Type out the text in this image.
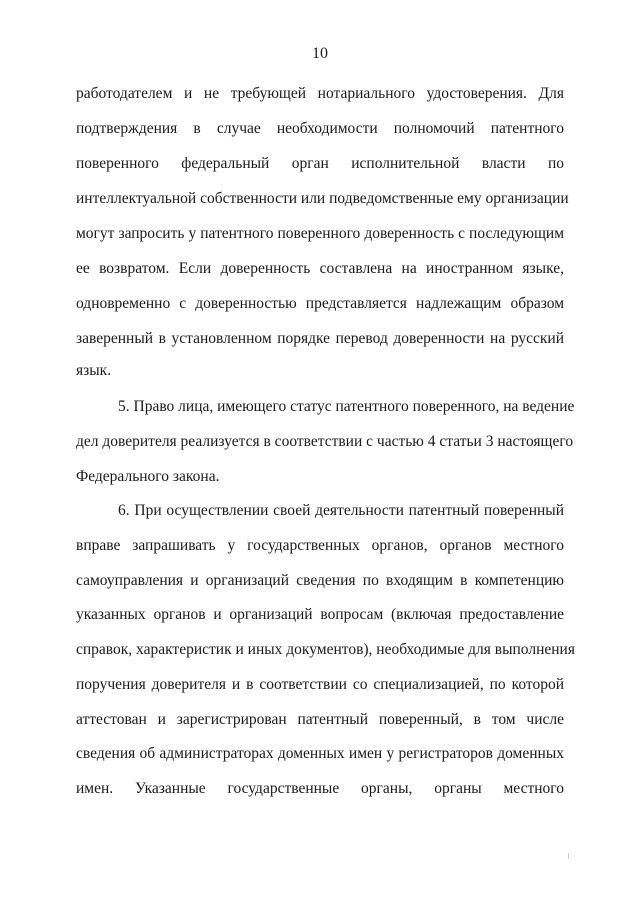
10
работодателем и не требующей нотариального удостоверения. Для
подтверждения в случае необходимости полномочий патентного
поверенного федеральный орган исполнительной власти по
интеллектуальной собственности или подведомственные ему организации
могут запросить у патентного поверенного доверенность с последующим
ее возвратом. Если доверенность составлена на иностранном языке,
одновременно с доверенностью представляется надлежащим образом
заверенный в установленном порядке перевод доверенности на русский
язык.
5. Право лица, имеющего статус патентного поверенного, на ведение
дел доверителя реализуется в соответствии с частью 4 статьи 3 настоящего
Федерального закона.
6. При осуществлении своей деятельности патентный поверенный
вправе запрашивать у государственных органов, органов местного
самоуправления и организаций сведения по входящим в компетенцию
указанных органов и организаций вопросам (включая предоставление
справок, характеристик и иных документов), необходимые для выполнения
поручения доверителя и в соответствии со специализацией, по которой
аттестован и зарегистрирован патентный поверенный, в том числе
сведения об администраторах доменных имен у регистраторов доменных
имен. Указанные государственные органы, органы местного
